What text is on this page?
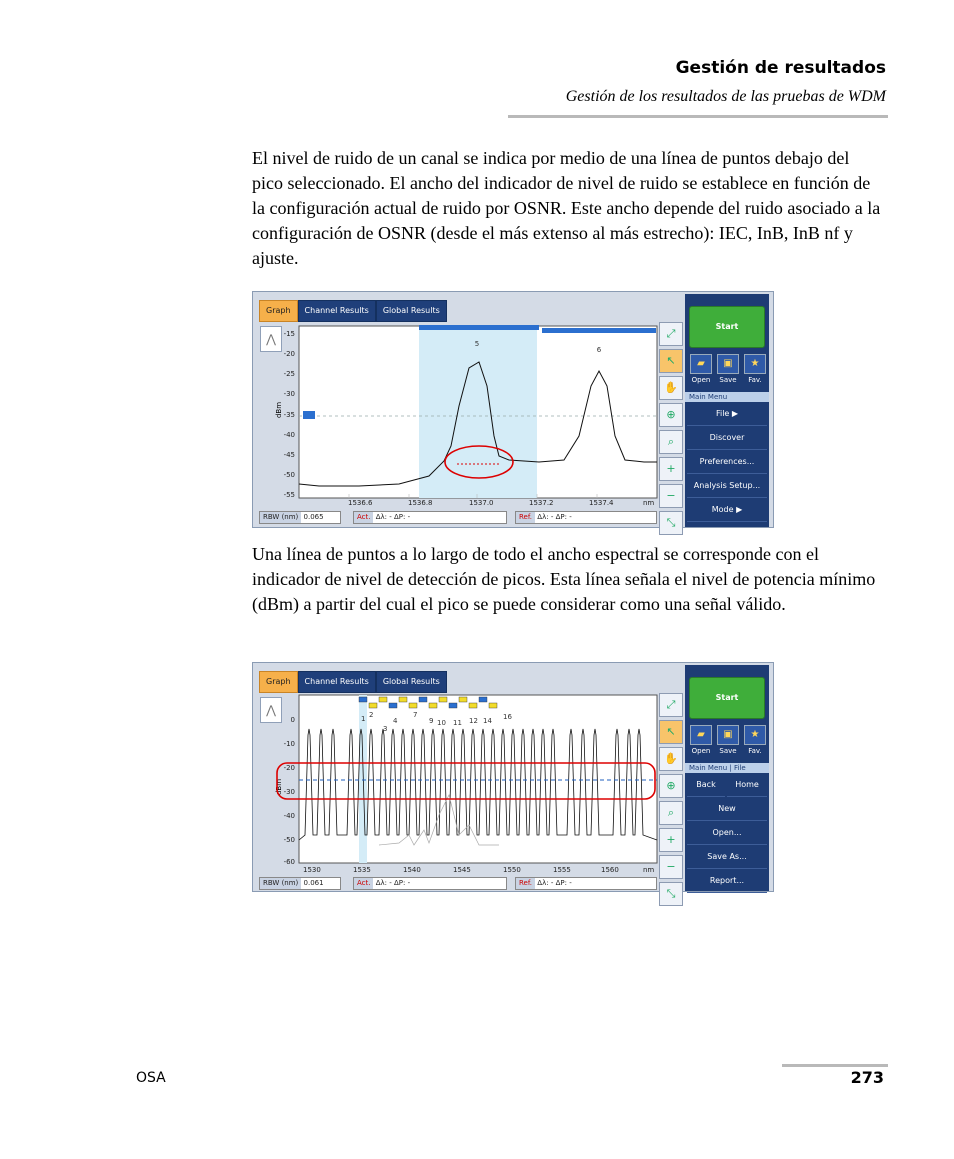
Gestión de resultados
Gestión de los resultados de las pruebas de WDM

El nivel de ruido de un canal se indica por medio de una línea de puntos debajo del pico seleccionado. El ancho del indicador de nivel de ruido se establece en función de la configuración actual de ruido por OSNR. Este ancho depende del ruido asociado a la configuración de OSNR (desde el más extenso al más estrecho): IEC, InB, InB nf y ajuste.

Graph	Channel Results	Global Results
⋀
dBm
-15
-20
-25
-30
-35
-40
-45
-50
-55
5
6
1536.6	1536.8	1537.0	1537.2	1537.4	nm
RBW (nm) 0.065	Act. Δλ: - ΔP: -	Ref. Δλ: - ΔP: -
⤢
↖
✋
⊕
⌕
+
−
⤡
Start
▰
Open
▣
Save
★
Fav.
Main Menu
File ▶
Discover
Preferences...
Analysis Setup...
Mode ▶

Una línea de puntos a lo largo de todo el ancho espectral se corresponde con el indicador de nivel de detección de picos. Esta línea señala el nivel de potencia mínimo (dBm) a partir del cual el pico se puede considerar como una señal válido.

Graph	Channel Results	Global Results
⋀
dBm
0
-10
-20
-30
-40
-50
-60
1 2
3
4
7
9 10 11 12 14 16
1530	1535	1540	1545	1550	1555	1560	nm
RBW (nm) 0.061	Act. Δλ: - ΔP: -	Ref. Δλ: - ΔP: -
⤢
↖
✋
⊕
⌕
+
−
⤡
Start
▰
Open
▣
Save
★
Fav.
Main Menu | File
Back	Home
New
Open...
Save As...
Report...
OSA	273
